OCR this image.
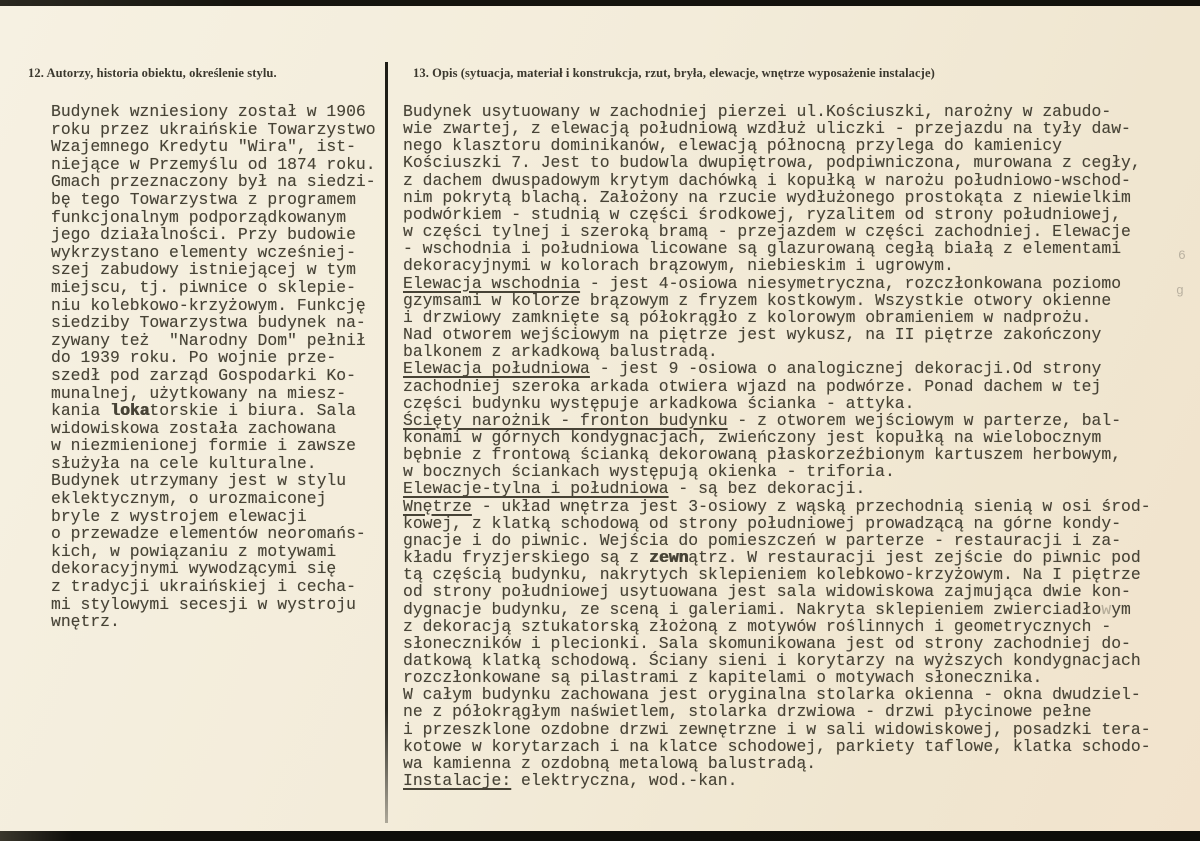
12. Autorzy, historia obiektu, określenie stylu.	13. Opis (sytuacja, materiał i konstrukcja, rzut, bryła, elewacje, wnętrze wyposażenie instalacje)
Budynek wzniesiony został w 1906
roku przez ukraińskie Towarzystwo
Wzajemnego Kredytu "Wira", ist-
niejące w Przemyślu od 1874 roku.
Gmach przeznaczony był na siedzi-
bę tego Towarzystwa z programem
funkcjonalnym podporządkowanym
jego działalności. Przy budowie
wykrzystano elementy wcześniej-
szej zabudowy istniejącej w tym
miejscu, tj. piwnice o sklepie-
niu kolebkowo-krzyżowym. Funkcję
siedziby Towarzystwa budynek na-
zywany też  "Narodny Dom" pełnił
do 1939 roku. Po wojnie prze-
szedł pod zarząd Gospodarki Ko-
munalnej, użytkowany na miesz-
kania lokatorskie i biura. Sala
widowiskowa została zachowana
w niezmienionej formie i zawsze
służyła na cele kulturalne.
Budynek utrzymany jest w stylu
eklektycznym, o urozmaiconej
bryle z wystrojem elewacji
o przewadze elementów neoromańs-
kich, w powiązaniu z motywami
dekoracyjnymi wywodzącymi się
z tradycji ukraińskiej i cecha-
mi stylowymi secesji w wystroju
wnętrz.
Budynek usytuowany w zachodniej pierzei ul.Kościuszki, narożny w zabudo-
wie zwartej, z elewacją południową wzdłuż uliczki - przejazdu na tyły daw-
nego klasztoru dominikanów, elewacją północną przylega do kamienicy
Kościuszki 7. Jest to budowla dwupiętrowa, podpiwniczona, murowana z cegły,
z dachem dwuspadowym krytym dachówką i kopułką w narożu południowo-wschod-
nim pokrytą blachą. Założony na rzucie wydłużonego prostokąta z niewielkim
podwórkiem - studnią w części środkowej, ryzalitem od strony południowej,
w części tylnej i szeroką bramą - przejazdem w części zachodniej. Elewacje
- wschodnia i południowa licowane są glazurowaną cegłą białą z elementami
dekoracyjnymi w kolorach brązowym, niebieskim i ugrowym.
Elewacja wschodnia - jest 4-osiowa niesymetryczna, rozczłonkowana poziomo
gzymsami w kolorze brązowym z fryzem kostkowym. Wszystkie otwory okienne
i drzwiowy zamknięte są półokrągło z kolorowym obramieniem w nadprożu.
Nad otworem wejściowym na piętrze jest wykusz, na II piętrze zakończony
balkonem z arkadkową balustradą.
Elewacja południowa - jest 9 -osiowa o analogicznej dekoracji.Od strony
zachodniej szeroka arkada otwiera wjazd na podwórze. Ponad dachem w tej
części budynku występuje arkadkowa ścianka - attyka.
Ścięty narożnik - fronton budynku - z otworem wejściowym w parterze, bal-
konami w górnych kondygnacjach, zwieńczony jest kopułką na wielobocznym
bębnie z frontową ścianką dekorowaną płaskorzeźbionym kartuszem herbowym,
w bocznych ściankach występują okienka - triforia.
Elewacje-tylna i południowa - są bez dekoracji.
Wnętrze - układ wnętrza jest 3-osiowy z wąską przechodnią sienią w osi środ-
kowej, z klatką schodową od strony południowej prowadzącą na górne kondy-
gnacje i do piwnic. Wejścia do pomieszczeń w parterze - restauracji i za-
kładu fryzjerskiego są z zewnątrz. W restauracji jest zejście do piwnic pod
tą częścią budynku, nakrytych sklepieniem kolebkowo-krzyżowym. Na I piętrze
od strony południowej usytuowana jest sala widowiskowa zajmująca dwie kon-
dygnacje budynku, ze sceną i galeriami. Nakryta sklepieniem zwierciadłowym
z dekoracją sztukatorską złożoną z motywów roślinnych i geometrycznych -
słoneczników i plecionki. Sala skomunikowana jest od strony zachodniej do-
datkową klatką schodową. Ściany sieni i korytarzy na wyższych kondygnacjach
rozczłonkowane są pilastrami z kapitelami o motywach słonecznika.
W całym budynku zachowana jest oryginalna stolarka okienna - okna dwudziel-
ne z półokrągłym naświetlem, stolarka drzwiowa - drzwi płycinowe pełne
i przeszklone ozdobne drzwi zewnętrzne i w sali widowiskowej, posadzki tera-
kotowe w korytarzach i na klatce schodowej, parkiety taflowe, klatka schodo-
wa kamienna z ozdobną metalową balustradą.
Instalacje: elektryczna, wod.-kan.
6
g
